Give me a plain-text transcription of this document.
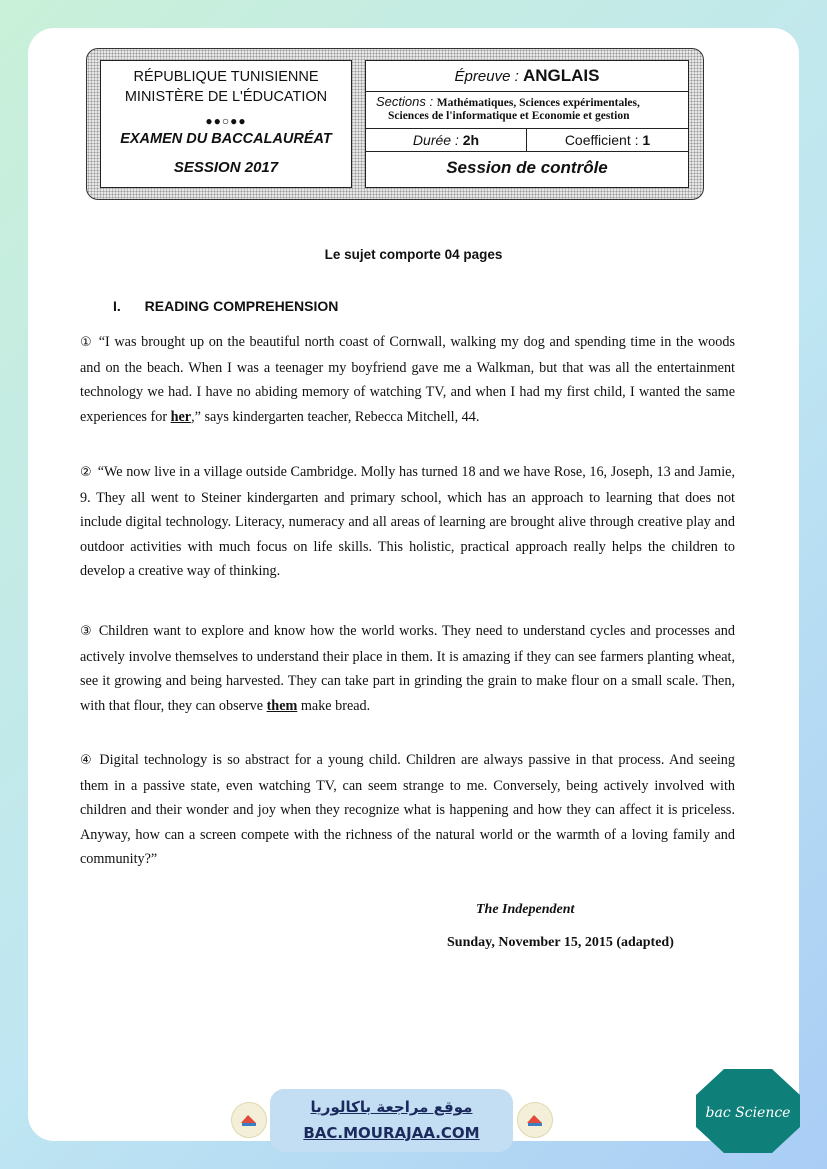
RÉPUBLIQUE TUNISIENNE
MINISTÈRE DE L'ÉDUCATION
●●○●●
EXAMEN DU BACCALAURÉAT
SESSION 2017
Épreuve : ANGLAIS
Sections : Mathématiques, Sciences expérimentales,
Sciences de l'informatique et Economie et gestion
Durée : 2h	Coefficient : 1
Session de contrôle
Le sujet comporte 04 pages
I. READING COMPREHENSION
① “I was brought up on the beautiful north coast of Cornwall, walking my dog and spending time in the woods and on the beach. When I was a teenager my boyfriend gave me a Walkman, but that was all the entertainment technology we had. I have no abiding memory of watching TV, and when I had my first child, I wanted the same experiences for her,” says kindergarten teacher, Rebecca Mitchell, 44.
② “We now live in a village outside Cambridge. Molly has turned 18 and we have Rose, 16, Joseph, 13 and Jamie, 9. They all went to Steiner kindergarten and primary school, which has an approach to learning that does not include digital technology. Literacy, numeracy and all areas of learning are brought alive through creative play and outdoor activities with much focus on life skills. This holistic, practical approach really helps the children to develop a creative way of thinking.
③ Children want to explore and know how the world works. They need to understand cycles and processes and actively involve themselves to understand their place in them. It is amazing if they can see farmers planting wheat, see it growing and being harvested. They can take part in grinding the grain to make flour on a small scale. Then, with that flour, they can observe them make bread.
④ Digital technology is so abstract for a young child. Children are always passive in that process. And seeing them in a passive state, even watching TV, can seem strange to me. Conversely, being actively involved with children and their wonder and joy when they recognize what is happening and how they can affect it is priceless. Anyway, how can a screen compete with the richness of the natural world or the warmth of a loving family and community?”
The Independent
Sunday, November 15, 2015 (adapted)
موقع مراجعة باكالوريا
BAC.MOURAJAA.COM
bac Science
